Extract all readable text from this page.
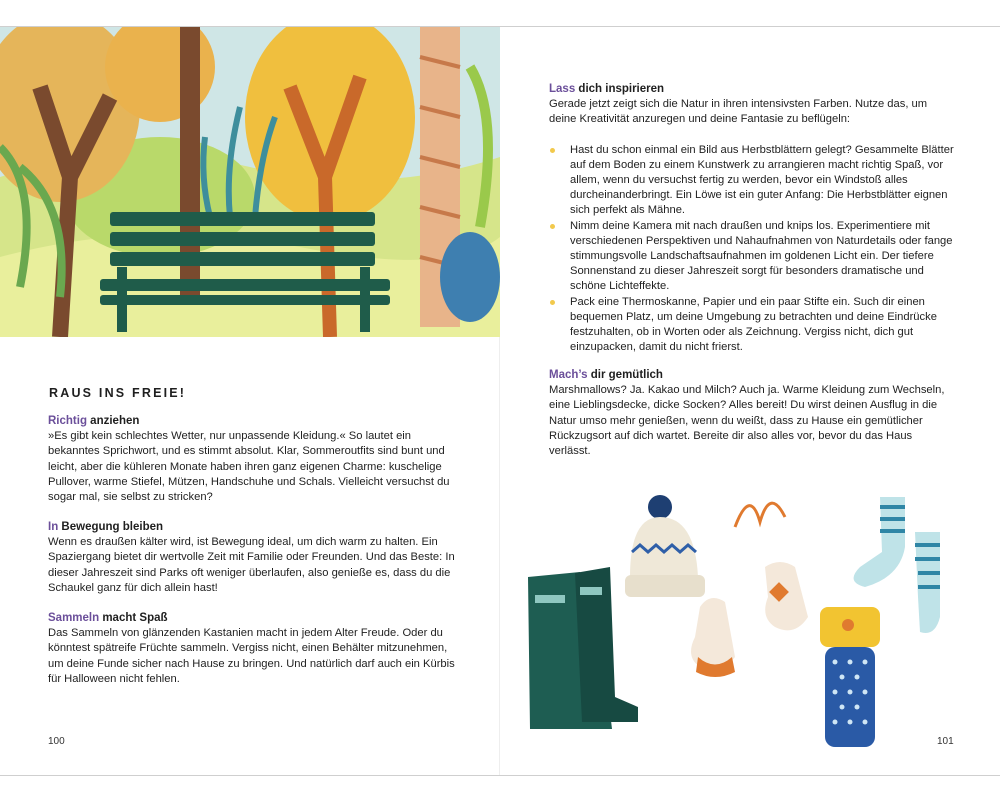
RAUS INS FREIE!
Richtig anziehen

»Es gibt kein schlechtes Wetter, nur unpassende Kleidung.« So lautet ein bekanntes Sprichwort, und es stimmt absolut. Klar, Sommeroutfits sind bunt und leicht, aber die kühleren Monate haben ihren ganz eigenen Charme: kuschelige Pullover, warme Stiefel, Mützen, Handschuhe und Schals. Vielleicht versuchst du sogar mal, sie selbst zu stricken?

In Bewegung bleiben

Wenn es draußen kälter wird, ist Bewegung ideal, um dich warm zu halten. Ein Spaziergang bietet dir wertvolle Zeit mit Familie oder Freunden. Und das Beste: In dieser Jahreszeit sind Parks oft weniger überlaufen, also genieße es, dass du die Schaukel ganz für dich allein hast!

Sammeln macht Spaß

Das Sammeln von glänzenden Kastanien macht in jedem Alter Freude. Oder du könntest spätreife Früchte sammeln. Vergiss nicht, einen Behälter mitzunehmen, um deine Funde sicher nach Hause zu bringen. Und natürlich darf auch ein Kürbis für Halloween nicht fehlen.

100
Lass dich inspirieren

Gerade jetzt zeigt sich die Natur in ihren intensivsten Farben. Nutze das, um deine Kreativität anzuregen und deine Fantasie zu beflügeln:

Hast du schon einmal ein Bild aus Herbstblättern gelegt? Gesammelte Blätter auf dem Boden zu einem Kunstwerk zu arrangieren macht richtig Spaß, vor allem, wenn du versuchst fertig zu werden, bevor ein Windstoß alles durcheinanderbringt. Ein Löwe ist ein guter Anfang: Die Herbstblätter eignen sich perfekt als Mähne.
Nimm deine Kamera mit nach draußen und knips los. Experimentiere mit verschiedenen Perspektiven und Nahaufnahmen von Naturdetails oder fange stimmungsvolle Landschaftsaufnahmen im goldenen Licht ein. Der tiefere Sonnenstand zu dieser Jahreszeit sorgt für besonders dramatische und schöne Lichteffekte.
Pack eine Thermoskanne, Papier und ein paar Stifte ein. Such dir einen bequemen Platz, um deine Umgebung zu betrachten und deine Eindrücke festzuhalten, ob in Worten oder als Zeichnung. Vergiss nicht, dich gut einzupacken, damit du nicht frierst.
Mach’s dir gemütlich

Marshmallows? Ja. Kakao und Milch? Auch ja. Warme Kleidung zum Wechseln, eine Lieblingsdecke, dicke Socken? Alles bereit! Du wirst deinen Ausflug in die Natur umso mehr genießen, wenn du weißt, dass zu Hause ein gemütlicher Rückzugsort auf dich wartet. Bereite dir also alles vor, bevor du das Haus verlässt.

101
